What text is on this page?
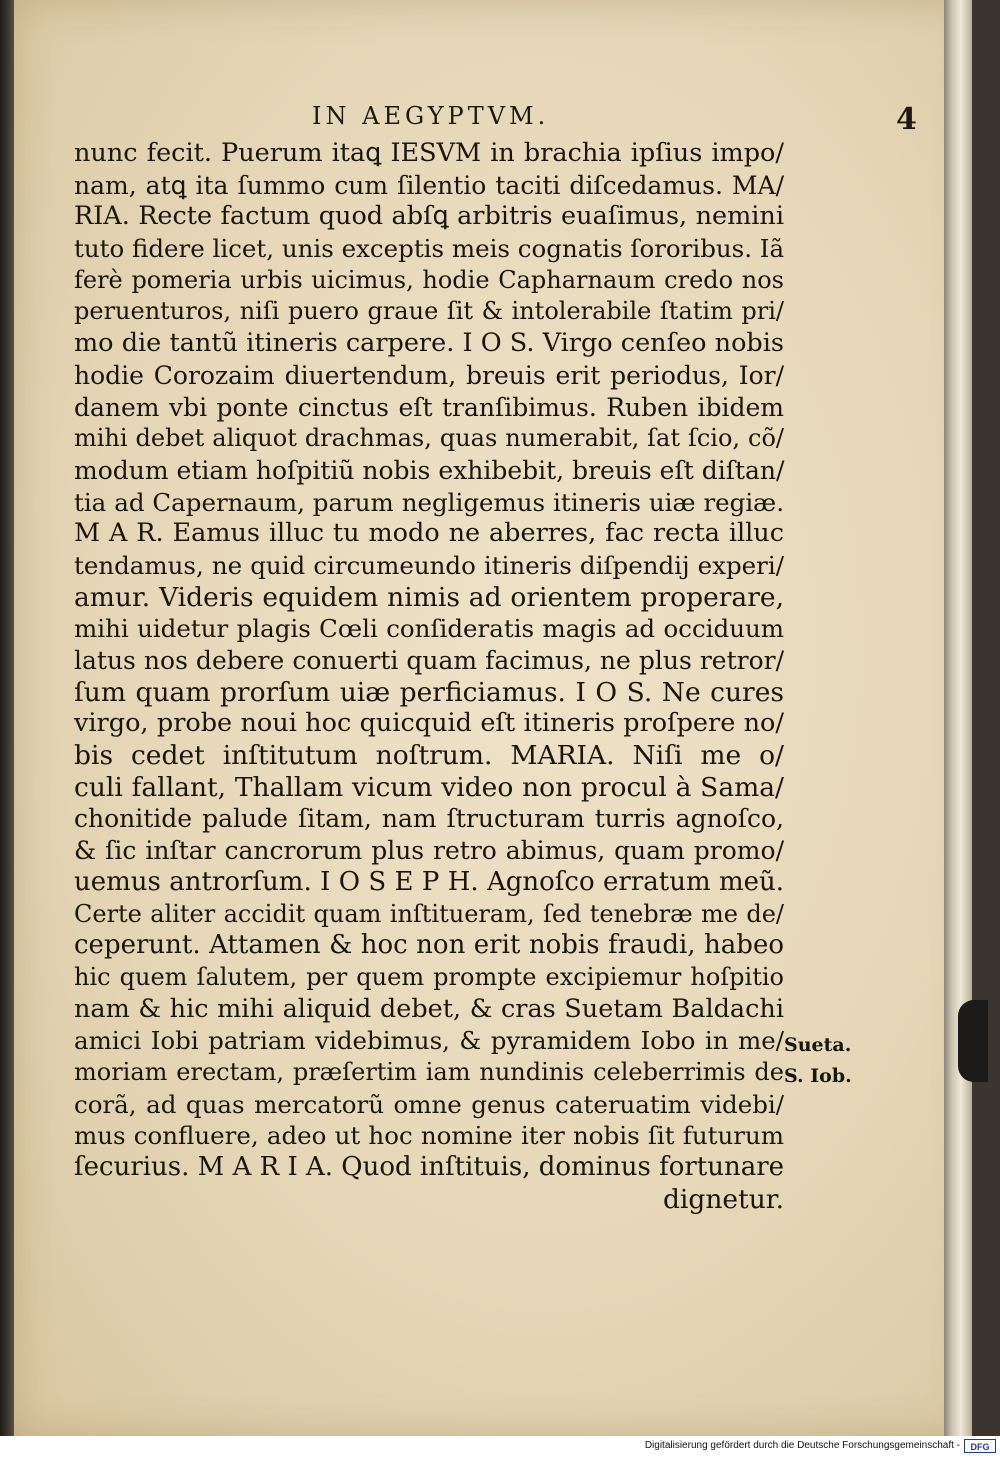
IN AEGYPTVM.	4
nunc fecit. Puerum itaꝗ IESVM in brachia ipſius impo/
nam, atꝗ ita ſummo cum ſilentio taciti diſcedamus. MA/
RIA. Recte factum quod abſꝗ arbitris euaſimus, nemini
tuto fidere licet, unis exceptis meis cognatis ſororibus. Iã
ferè pomeria urbis uicimus, hodie Capharnaum credo nos
peruenturos, niſi puero graue ſit & intolerabile ſtatim pri/
mo die tantũ itineris carpere. I O S. Virgo cenſeo nobis
hodie Corozaim diuertendum, breuis erit periodus, Ior/
danem vbi ponte cinctus eſt tranſibimus. Ruben ibidem
mihi debet aliquot drachmas, quas numerabit, ſat ſcio, cõ/
modum etiam hoſpitiũ nobis exhibebit, breuis eſt diſtan/
tia ad Capernaum, parum negligemus itineris uiæ regiæ.
M A R. Eamus illuc tu modo ne aberres, fac recta illuc
tendamus, ne quid circumeundo itineris diſpendij experi/
amur. Videris equidem nimis ad orientem properare,
mihi uidetur plagis Cœli conſideratis magis ad occiduum
latus nos debere conuerti quam facimus, ne plus retror/
ſum quam prorſum uiæ perficiamus. I O S. Ne cures
virgo, probe noui hoc quicquid eſt itineris proſpere no/
bis cedet inſtitutum noſtrum. MARIA. Niſi me o/
culi fallant, Thallam vicum video non procul à Sama/
chonitide palude ſitam, nam ſtructuram turris agnoſco,
& ſic inſtar cancrorum plus retro abimus, quam promo/
uemus antrorſum. I O S E P H. Agnoſco erratum meũ.
Certe aliter accidit quam inſtitueram, ſed tenebræ me de/
ceperunt. Attamen & hoc non erit nobis fraudi, habeo
hic quem ſalutem, per quem prompte excipiemur hoſpitio
nam & hic mihi aliquid debet, & cras Suetam Baldachi
amici Iobi patriam videbimus, & pyramidem Iobo in me/
moriam erectam, præſertim iam nundinis celeberrimis de
corã, ad quas mercatorũ omne genus cateruatim videbi/
mus confluere, adeo ut hoc nomine iter nobis ſit futurum
ſecurius. M A R I A. Quod inſtituis, dominus fortunare
dignetur.
Sueta.
S. Iob.
Digitalisierung gefördert durch die Deutsche Forschungsgemeinschaft -	DFG
